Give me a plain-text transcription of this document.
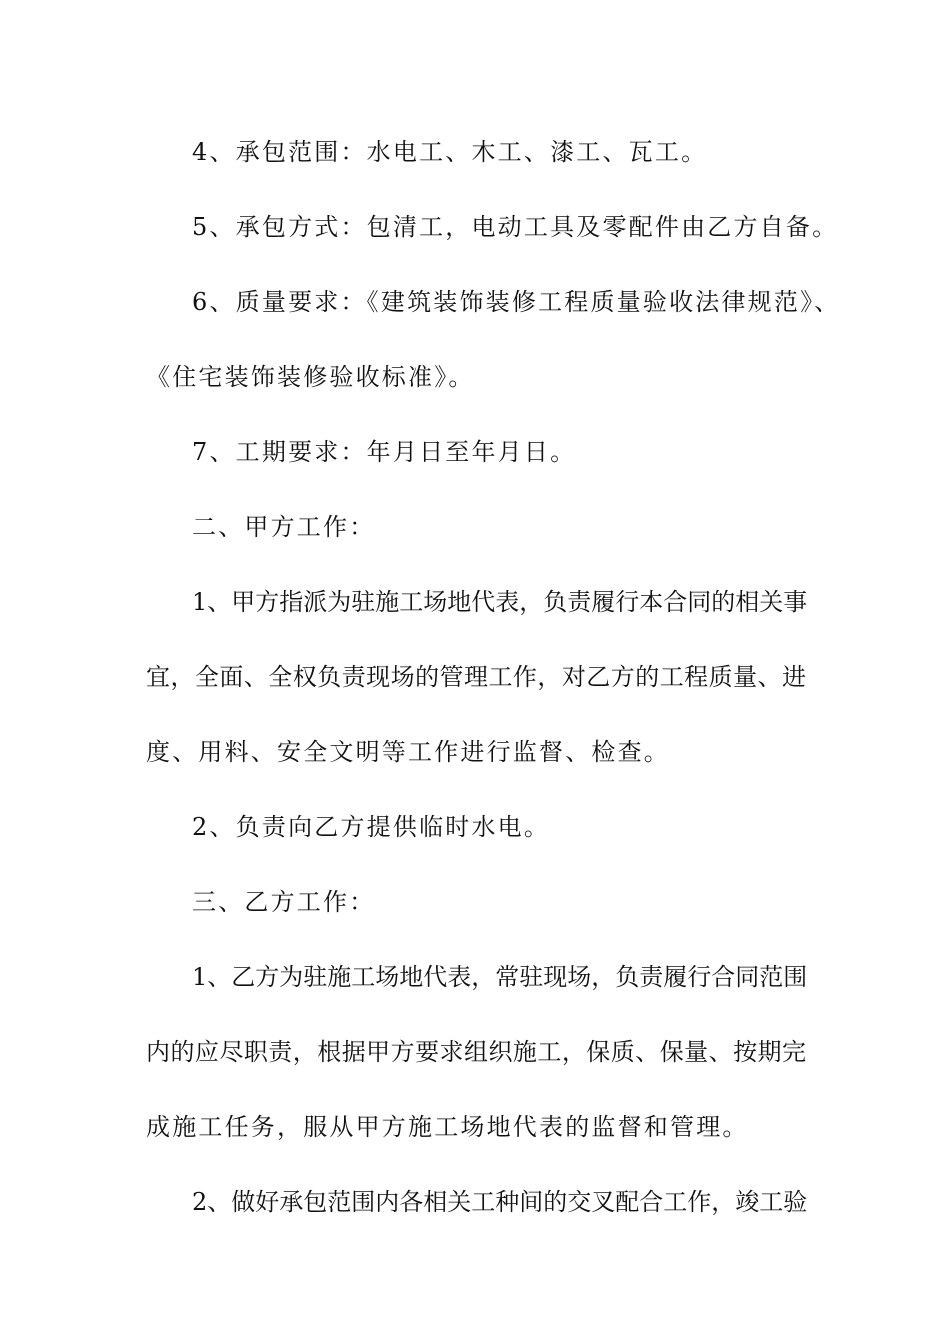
4、承包范围：水电工、木工、漆工、瓦工。
5、承包方式：包清工，电动工具及零配件由乙方自备。
6、质量要求：《建筑装饰装修工程质量验收法律规范》、
《住宅装饰装修验收标准》。
7、工期要求：年月日至年月日。
二、甲方工作：
1、甲方指派为驻施工场地代表，负责履行本合同的相关事
宜，全面、全权负责现场的管理工作，对乙方的工程质量、进
度、用料、安全文明等工作进行监督、检查。
2、负责向乙方提供临时水电。
三、乙方工作：
1、乙方为驻施工场地代表，常驻现场，负责履行合同范围
内的应尽职责，根据甲方要求组织施工，保质、保量、按期完
成施工任务，服从甲方施工场地代表的监督和管理。
2、做好承包范围内各相关工种间的交叉配合工作，竣工验
